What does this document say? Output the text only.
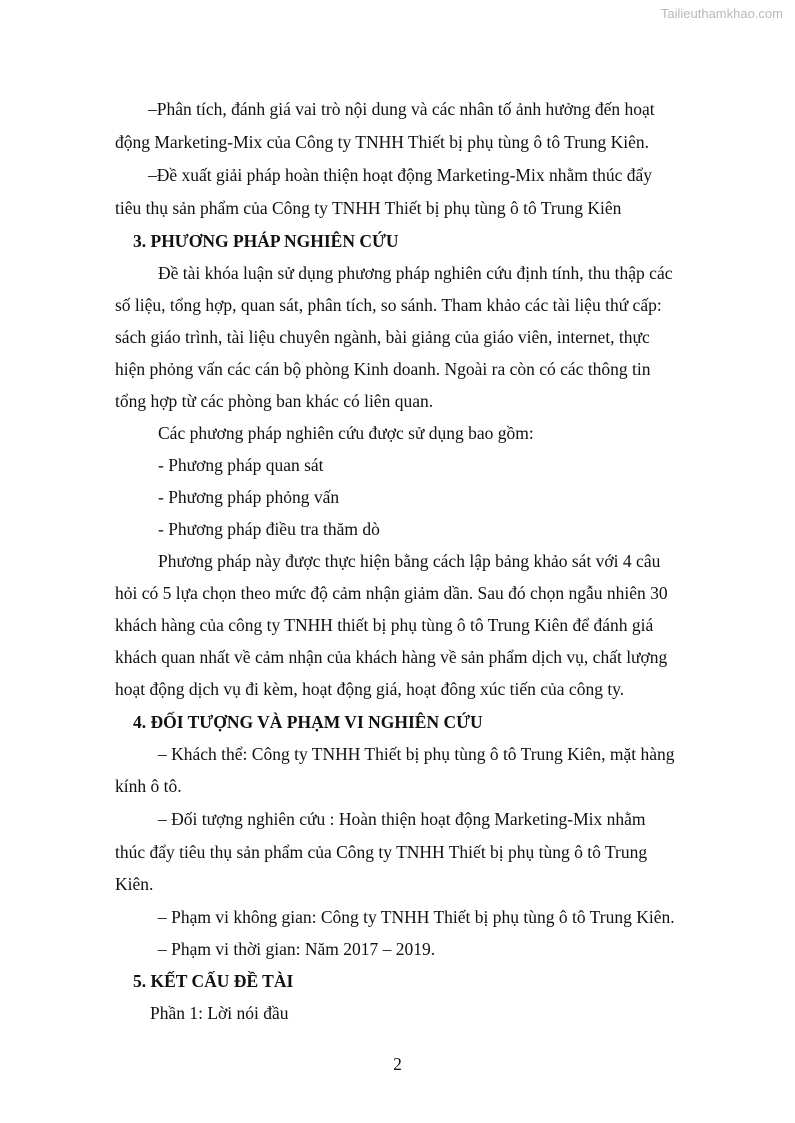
Tailieuthamkhao.com
–Phân tích, đánh giá vai trò nội dung và các nhân tố ảnh hưởng đến hoạt
động Marketing-Mix của Công ty TNHH Thiết bị phụ tùng ô tô Trung Kiên.
–Đề xuất giải pháp hoàn thiện hoạt động Marketing-Mix nhằm thúc đẩy
tiêu thụ sản phẩm của Công ty TNHH Thiết bị phụ tùng ô tô Trung Kiên
3. PHƯƠNG PHÁP NGHIÊN CỨU
Đề tài khóa luận sử dụng phương pháp nghiên cứu định tính, thu thập các
số liệu, tổng hợp, quan sát, phân tích, so sánh. Tham khảo các tài liệu thứ cấp:
sách giáo trình, tài liệu chuyên ngành, bài giảng của giáo viên, internet, thực
hiện phỏng vấn các cán bộ phòng Kinh doanh. Ngoài ra còn có các thông tin
tổng hợp từ các phòng ban khác có liên quan.
Các phương pháp nghiên cứu được sử dụng bao gồm:
- Phương pháp quan sát
- Phương pháp phỏng vấn
- Phương pháp điều tra thăm dò
Phương pháp này được thực hiện bằng cách lập bảng khảo sát với 4 câu
hỏi có 5 lựa chọn theo mức độ cảm nhận giảm dần. Sau đó chọn ngẫu nhiên 30
khách hàng của công ty TNHH thiết bị phụ tùng ô tô Trung Kiên để đánh giá
khách quan nhất về cảm nhận của khách hàng về sản phẩm dịch vụ, chất lượng
hoạt động dịch vụ đi kèm, hoạt động giá, hoạt đông xúc tiến của công ty.
4. ĐỐI TƯỢNG VÀ PHẠM VI NGHIÊN CỨU
– Khách thể: Công ty TNHH Thiết bị phụ tùng ô tô Trung Kiên, mặt hàng
kính ô tô.
– Đối tượng nghiên cứu : Hoàn thiện hoạt động Marketing-Mix nhằm
thúc đẩy tiêu thụ sản phẩm của Công ty TNHH Thiết bị phụ tùng ô tô Trung
Kiên.
– Phạm vi không gian: Công ty TNHH Thiết bị phụ tùng ô tô Trung Kiên.
– Phạm vi thời gian: Năm 2017 – 2019.
5. KẾT CẤU ĐỀ TÀI
Phần 1: Lời nói đầu
2
